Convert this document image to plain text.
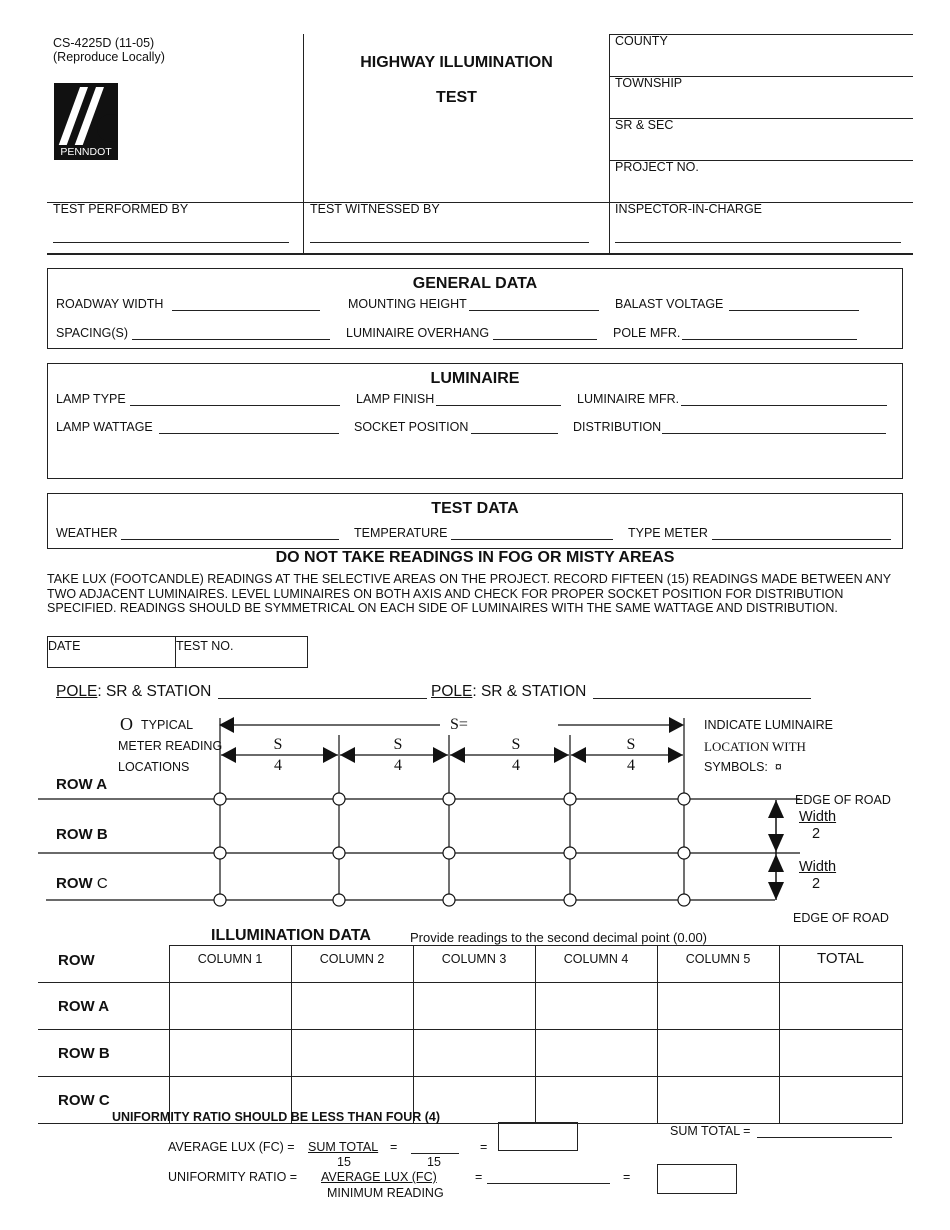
CS-4225D (11-05)
(Reproduce Locally)
PENNDOT
HIGHWAY ILLUMINATION
TEST
COUNTY
TOWNSHIP
SR & SEC
PROJECT NO.
TEST PERFORMED BY	TEST WITNESSED BY	INSPECTOR-IN-CHARGE
GENERAL DATA
ROADWAY WIDTH	MOUNTING HEIGHT	BALAST VOLTAGE
SPACING(S)	LUMINAIRE OVERHANG	POLE MFR.
LUMINAIRE
LAMP TYPE	LAMP FINISH	LUMINAIRE MFR.
LAMP WATTAGE	SOCKET POSITION	DISTRIBUTION
TEST DATA
WEATHER	TEMPERATURE	TYPE METER
DO NOT TAKE READINGS IN FOG OR MISTY AREAS
TAKE LUX (FOOTCANDLE) READINGS AT THE SELECTIVE AREAS ON THE PROJECT. RECORD FIFTEEN (15) READINGS MADE BETWEEN ANY TWO ADJACENT LUMINAIRES. LEVEL LUMINAIRES ON BOTH AXIS AND CHECK FOR PROPER SOCKET POSITION FOR DISTRIBUTION SPECIFIED. READINGS SHOULD BE SYMMETRICAL ON EACH SIDE OF LUMINAIRES WITH THE SAME WATTAGE AND DISTRIBUTION.
DATE	TEST NO.
POLE: SR & STATION	POLE: SR & STATION
O TYPICAL
METER READING
LOCATIONS
INDICATE LUMINAIRE
LOCATION WITH
SYMBOLS: ¤
ROW A
ROW B
ROW C
S=
S
4
S
4
S
4
S
4
EDGE OF ROAD
Width
2
Width
2
EDGE OF ROAD
ILLUMINATION DATA	Provide readings to the second decimal point (0.00)
ROW	COLUMN 1	COLUMN 2	COLUMN 3	COLUMN 4	COLUMN 5	TOTAL
ROW A						
ROW B						
ROW C						
UNIFORMITY RATIO SHOULD BE LESS THAN FOUR (4)
AVERAGE LUX (FC) = SUM TOTAL
15
=
15
=
SUM TOTAL =
UNIFORMITY RATIO = AVERAGE LUX (FC)
MINIMUM READING
=	=
